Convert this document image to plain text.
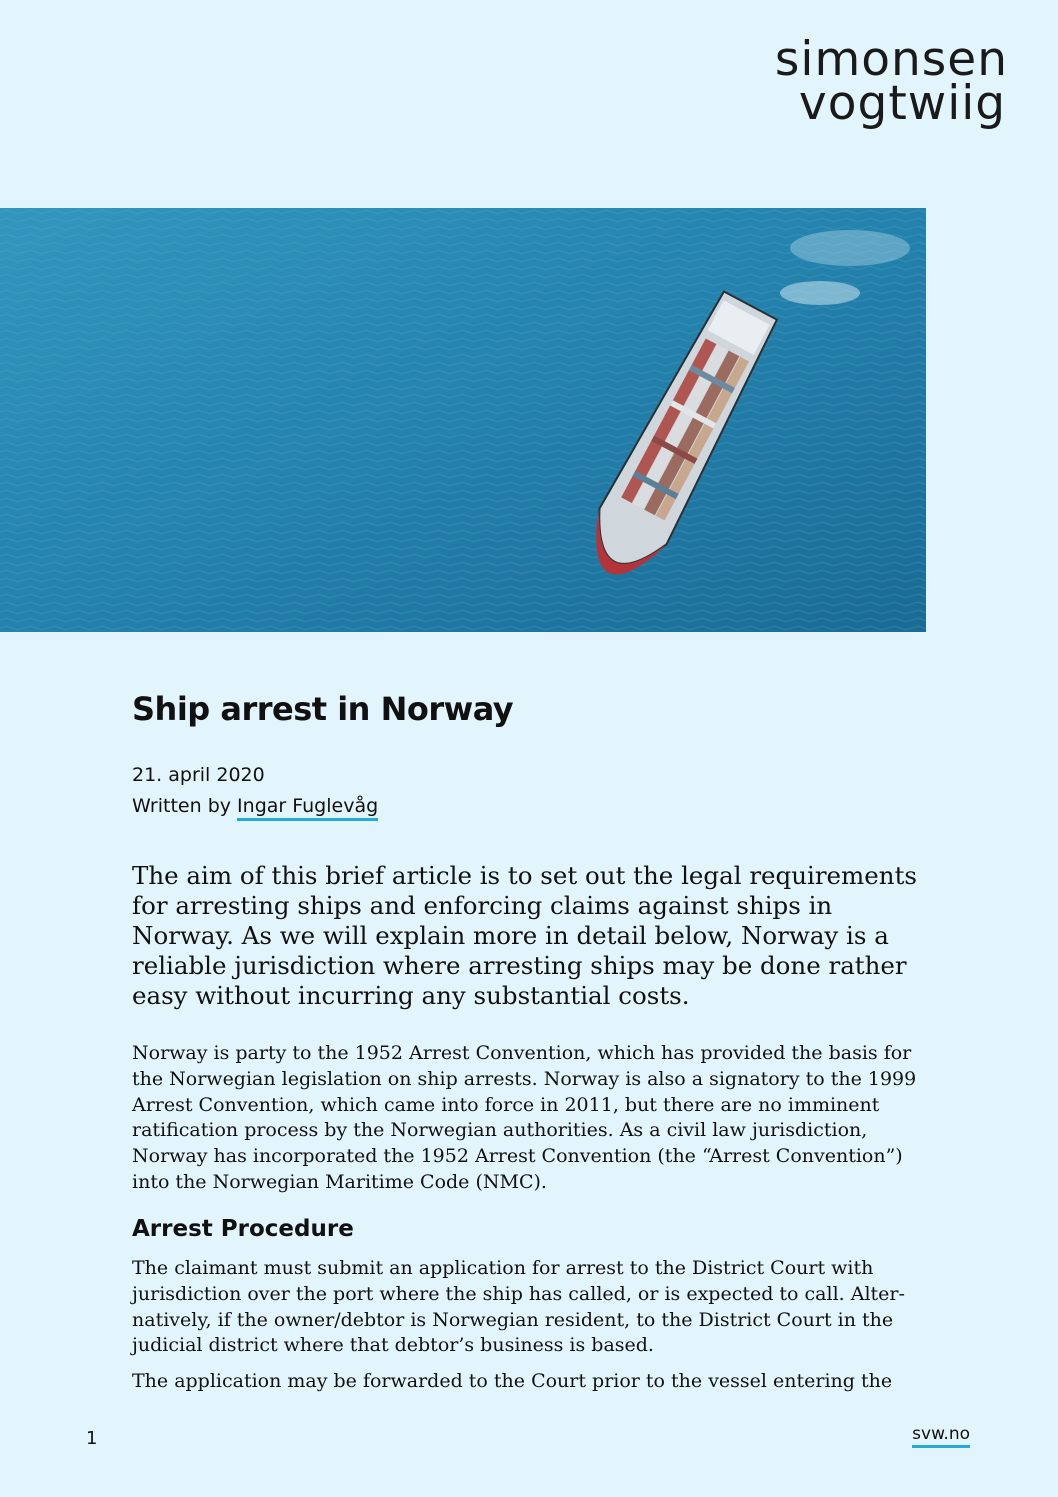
simonsen
vogtwiig
Ship arrest in Norway
21. april 2020
Written by Ingar Fuglevåg

The aim of this brief article is to set out the legal requirements for arresting ships and enforcing claims against ships in Norway. As we will explain more in detail below, Norway is a reliable jurisdiction where arresting ships may be done rather easy without incurring any substantial costs.

Norway is party to the 1952 Arrest Convention, which has provided the basis for the Norwegian legislation on ship arrests. Norway is also a signatory to the 1999 Arrest Convention, which came into force in 2011, but there are no imminent ratification process by the Norwegian authorities. As a civil law jurisdiction, Norway has incorporated the 1952 Arrest Convention (the “Arrest Convention”) into the Norwegian Maritime Code (NMC).

Arrest Procedure

The claimant must submit an application for arrest to the District Court with jurisdiction over the port where the ship has called, or is expected to call. Alter-natively, if the owner/debtor is Norwegian resident, to the District Court in the judicial district where that debtor’s business is based.

The application may be forwarded to the Court prior to the vessel entering the

1	svw.no
